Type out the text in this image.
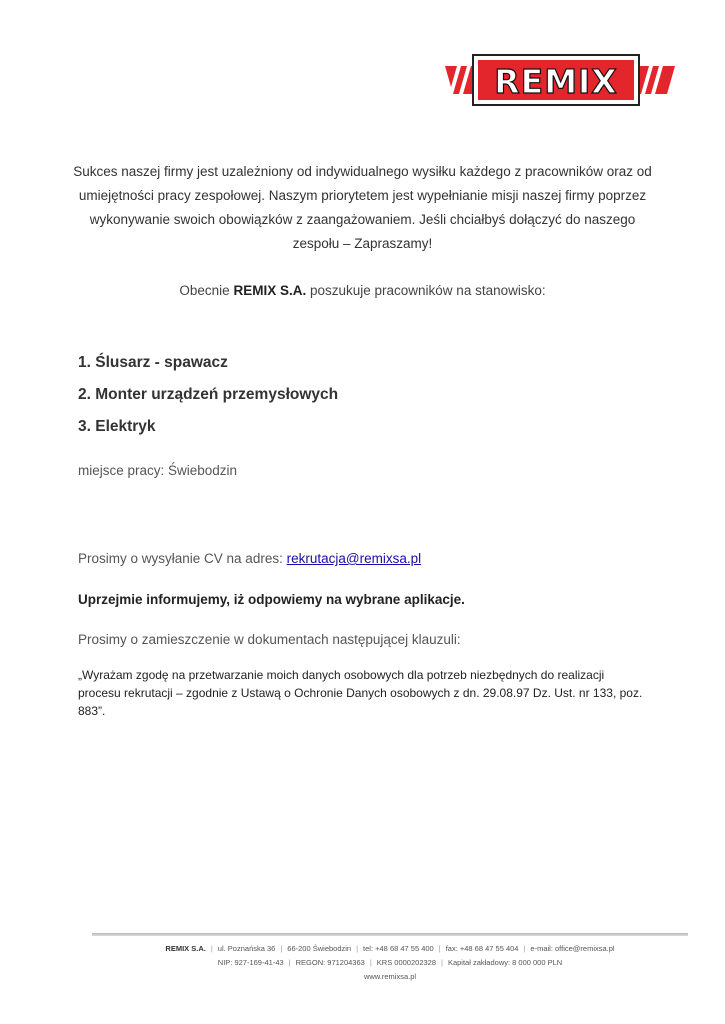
REMIX
Sukces naszej firmy jest uzależniony od indywidualnego wysiłku każdego z pracowników oraz od
umiejętności pracy zespołowej. Naszym priorytetem jest wypełnianie misji naszej firmy poprzez
wykonywanie swoich obowiązków z zaangażowaniem. Jeśli chciałbyś dołączyć do naszego
zespołu – Zapraszamy!
Obecnie REMIX S.A. poszukuje pracowników na stanowisko:
1. Ślusarz - spawacz
2. Monter urządzeń przemysłowych
3. Elektryk
miejsce pracy: Świebodzin
Prosimy o wysyłanie CV na adres: rekrutacja@remixsa.pl
Uprzejmie informujemy, iż odpowiemy na wybrane aplikacje.
Prosimy o zamieszczenie w dokumentach następującej klauzuli:
„Wyrażam zgodę na przetwarzanie moich danych osobowych dla potrzeb niezbędnych do realizacji
procesu rekrutacji – zgodnie z Ustawą o Ochronie Danych osobowych z dn. 29.08.97 Dz. Ust. nr 133, poz.
883”.
REMIX S.A. | ul. Poznańska 36 | 66-200 Świebodzin | tel: +48 68 47 55 400 | fax: +48 68 47 55 404 | e-mail: office@remixsa.pl
NIP: 927-169-41-43 | REGON: 971204363 | KRS 0000202328 | Kapitał zakładowy: 8 000 000 PLN
www.remixsa.pl
